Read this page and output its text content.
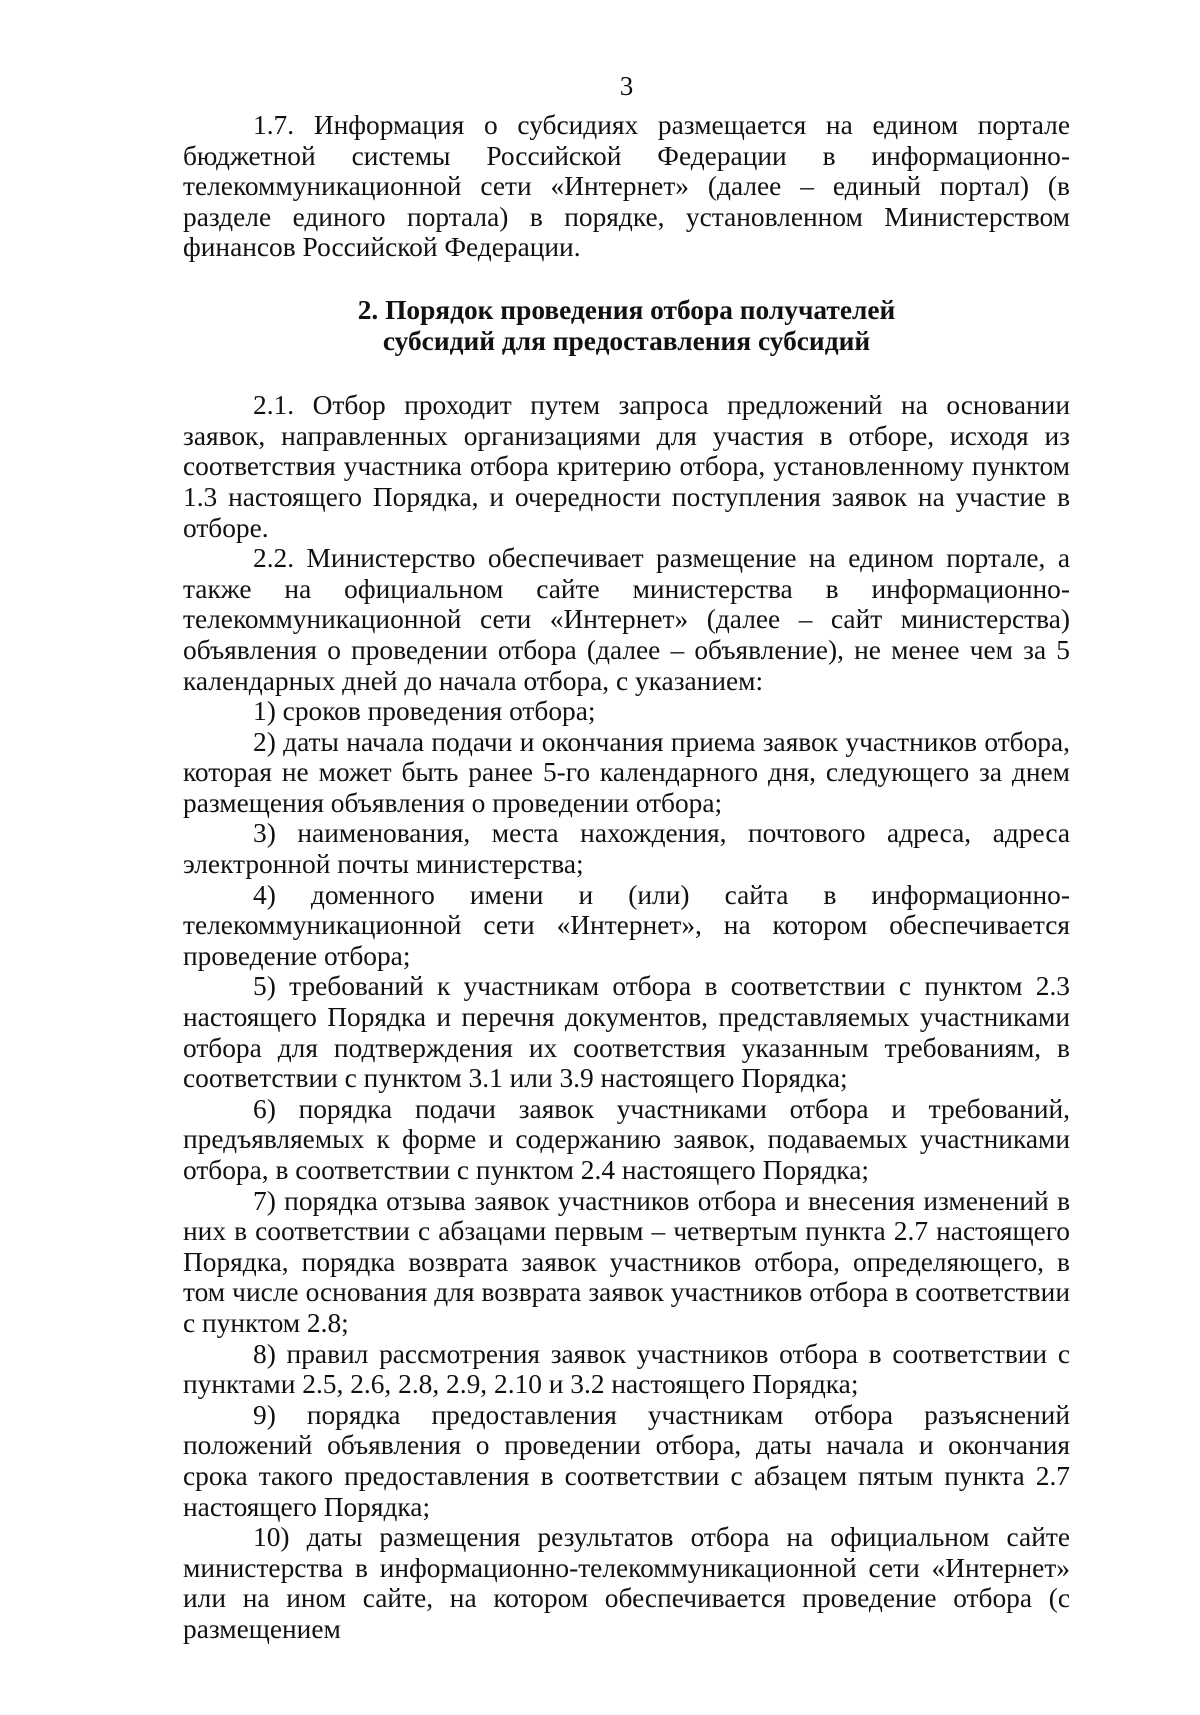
3

1.7. Информация о субсидиях размещается на едином портале бюджетной системы Российской Федерации в информационно-телекоммуникационной сети «Интернет» (далее – единый портал) (в разделе единого портала) в порядке, установленном Министерством финансов Российской Федерации.

2. Порядок проведения отбора получателей
субсидий для предоставления субсидий

2.1. Отбор проходит путем запроса предложений на основании заявок, направленных организациями для участия в отборе, исходя из соответствия участника отбора критерию отбора, установленному пунктом 1.3 настоящего Порядка, и очередности поступления заявок на участие в отборе.

2.2. Министерство обеспечивает размещение на едином портале, а также на официальном сайте министерства в информационно-телекоммуникационной сети «Интернет» (далее – сайт министерства) объявления о проведении отбора (далее – объявление), не менее чем за 5 календарных дней до начала отбора, с указанием:

1) сроков проведения отбора;

2) даты начала подачи и окончания приема заявок участников отбора, которая не может быть ранее 5-го календарного дня, следующего за днем размещения объявления о проведении отбора;

3) наименования, места нахождения, почтового адреса, адреса электронной почты министерства;

4) доменного имени и (или) сайта в информационно-телекоммуникационной сети «Интернет», на котором обеспечивается проведение отбора;

5) требований к участникам отбора в соответствии с пунктом 2.3 настоящего Порядка и перечня документов, представляемых участниками отбора для подтверждения их соответствия указанным требованиям, в соответствии с пунктом 3.1 или 3.9 настоящего Порядка;

6) порядка подачи заявок участниками отбора и требований, предъявляемых к форме и содержанию заявок, подаваемых участниками отбора, в соответствии с пунктом 2.4 настоящего Порядка;

7) порядка отзыва заявок участников отбора и внесения изменений в них в соответствии с абзацами первым – четвертым пункта 2.7 настоящего Порядка, порядка возврата заявок участников отбора, определяющего, в том числе основания для возврата заявок участников отбора в соответствии с пунктом 2.8;

8) правил рассмотрения заявок участников отбора в соответствии с пунктами 2.5, 2.6, 2.8, 2.9, 2.10 и 3.2 настоящего Порядка;

9) порядка предоставления участникам отбора разъяснений положений объявления о проведении отбора, даты начала и окончания срока такого предоставления в соответствии с абзацем пятым пункта 2.7 настоящего Порядка;

10) даты размещения результатов отбора на официальном сайте министерства в информационно-телекоммуникационной сети «Интернет» или на ином сайте, на котором обеспечивается проведение отбора (с размещением
